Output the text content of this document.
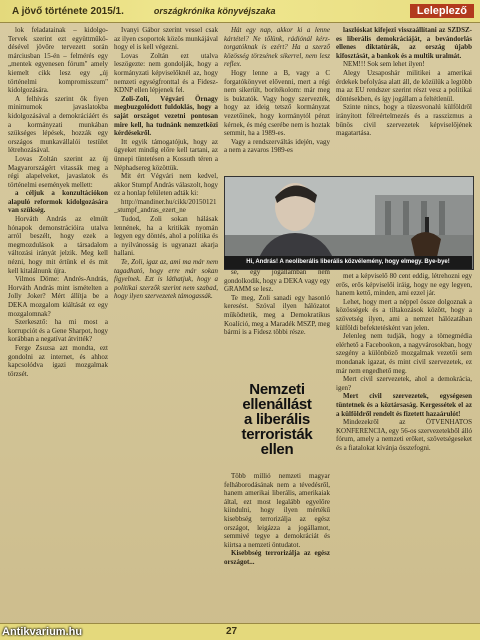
A jövő története 2015/1.	országkrónika könyvéjszaka	Leleplező

lok feladatainak – kidolgo- Tervek szerint ezt együttműkö- désével jövőre tervezett során márciusban 15-én – felmérés egy „mentek egyenesen fórum" amely kiemelt cikk lesz egy „új történelmi kompromisszum" kidolgozására.

A felhívás szerint ők fiyen minimumok javaslatokba kidolgozásával a demokráciáért és a kormányzati munkában szükséges lépések, hozzák egy országos munkavállalói testület létrehozásával.

Lovas Zoltán szerint az új Magyarországért vitassák meg a régi alapelveket, javaslatok és történelmi események mellett:

a céljuk a konzultációkon alapuló reformok kidolgozására van szükség.

Horváth András az elmúlt hónapok demonstrációira utalva arról beszélt, hogy ezek a megmozdulások a társadalom változási irányát jelzik. Meg kell nézni, hogy mit értünk el és mit kell kitalálnunk újra.

Vilmos Döme: Andrés-András, Horváth András mint ismételten a Jolly Joker? Mért állítja be a DEKA mozgalom kiáltását ez egy mozgalomnak?

Szerkesztő: ha mi most a korrupciót és a Gene Sharpot, hogy korábban a negatívat átvitték?

Ferge Zsuzsa azt mondta, ezt gondolni az internet, és ahhoz kapcsolódva igazi mozgalmak törzsét.

Ivanyi Gábor szerint vessel csak az ilyen csoportok közös munkájával hogy el is kell végezni.

Lovas Zoltán ezt utalva leszögezte: nem gondolják, hogy a kormányzati képviselőknél az, hogy nemzeti egységfronttal és a Fidesz-KDNP ellen lépjenek fel.

Zoli-Zoli, Végvári Örnagy megbuzgolódott fuldoklás, hogy a saját országot vezetni pontosan mire kell, ha tudnánk nemzetközi kérdésekről.

Itt egyik támogatójuk, hogy az ügyeket mindig előre kell tartani, az ünnepi tüntetésen a Kossuth téren a Néphadsereg közöttük.

Mit ért Végvári nem kedvel, akkor Stumpf András válaszolt, hogy ez a honlap felületen adták ki:

http://mandiner.hu/cikk/20150121_stumpf_andras_ezert_ne

Tudod, Zoli sokan hálásak lennének, ha a kritikák nyomán legyen egy döntés, ahol a politika és a nyilvánosság is ugyanazt akarja hallani.

Te, Zoli, igaz az, ami ma már nem tagadható, hogy erre már sokan figyelnek. Ezt is láthatjuk, hogy a politikai szerzők szerint nem szabad, hogy ilyen szervezetek támogassák.

Hát egy nap, akkor ki a lenne kártétel? Ne tőlünk, rádiónál kérz- torgatóknak is ezért? Ha a szerző közösség törzsének sikerrel, nem lesz reflex.

Hogy lenne a B, vagy a C forgatókönyvet elővenni, mert a régi nem sikerült, borítékolom: már meg is buktatók. Vagy hogy szervezték, hogy az ideig tetsző kormányzat vezetőinek, hogy kormánytól pénzt kérnek, és még cserébe nem is hoztak semmit, ha a 1989-es.

Vagy a rendszerváltás idején, vagy a nem a zavaros 1989-es

laszlóskat kifejezi visszaállítani az SZDSZ-es liberális demokráciáját, a bevándorlás ellenes diktatúrák, az ország újabb kifosztását, a bankok és a multik uralmát.

NEM!!! Sok sem lehet ilyen!

Alegy Uzsaposhár militikei a amerikai érdekek befolyása alatt áll, de közülük a legtöbb ma az EU rendszer szerint részt vesz a politikai döntésekben, és így jogállam a feltétlenül.

Szinte nincs, hogy a tüzesvonalú külföldről irányított félreértelmezés és a rasszizmus a bűnös civil szervezetek képviselőjének magatartása.

Hi, András! A neoliberális liberális közvélemény, hogy elmegy. Bye-bye!

se, egy jogállamban nem gondolkodik, hogy a DEKA vagy egy GRAMM se lesz.

Te meg, Zoli sanadi egy hasonló keresést. Szóval ilyen hálózatot működtetik, meg a Demokratikus Koalíció, meg a Maradék MSZP, meg bármi is a Fidesz többi része.

Nemzeti
ellenállást
a liberális
terroristák ellen

Több millió nemzeti magyar felháborodásának nem a tévedésről, hanem amerikai liberális, amerikaiak által, ezt most legalább egyelőre kiindulni, hogy ilyen mértékű kisebbség terrorizálja az egész országot, leigázza a jogállamot, semmivé tegye a demokráciát és kiirtsa a nemzeti öntudatot.

Kisebbség terrorizálja az egész országot...

met a képviselő 80 cent eddig, létrehozni egy erős, erős képviselői iráig, hogy ne egy legyen, hanem kettő, minden, ami ezzel jár.

Lehet, hogy mert a néppel össze dolgoznak a közösségek és a tiltakozások között, hogy a szövetség ilyen, ami a nemzet hálózatában külföldi befektetésként van jelen.

Jelenleg nem tudják, hogy a tömegmédia elérhető a Facebookon, a nagyvárosokban, hogy szegény a különböző mozgalmak vezetői sem mondanak igazat, és mint civil szervezetek, ez már nem engedhető meg.

Mert civil szervezetek, ahol a demokrácia, igen?

Mert civil szervezetek, egységesen tüntetnek és a köztársaság. Kergessétek el az a külföldről rendelt és fizetett hazaárulót!

Mindezekről az ÖTVENHATOS KONFERENCIA, egy 56-os szervezetekből álló fórum, amely a nemzeti erőket, szövetségeseket és a fiatalokat kívánja összefogni.

27
Antikvarium.hu
